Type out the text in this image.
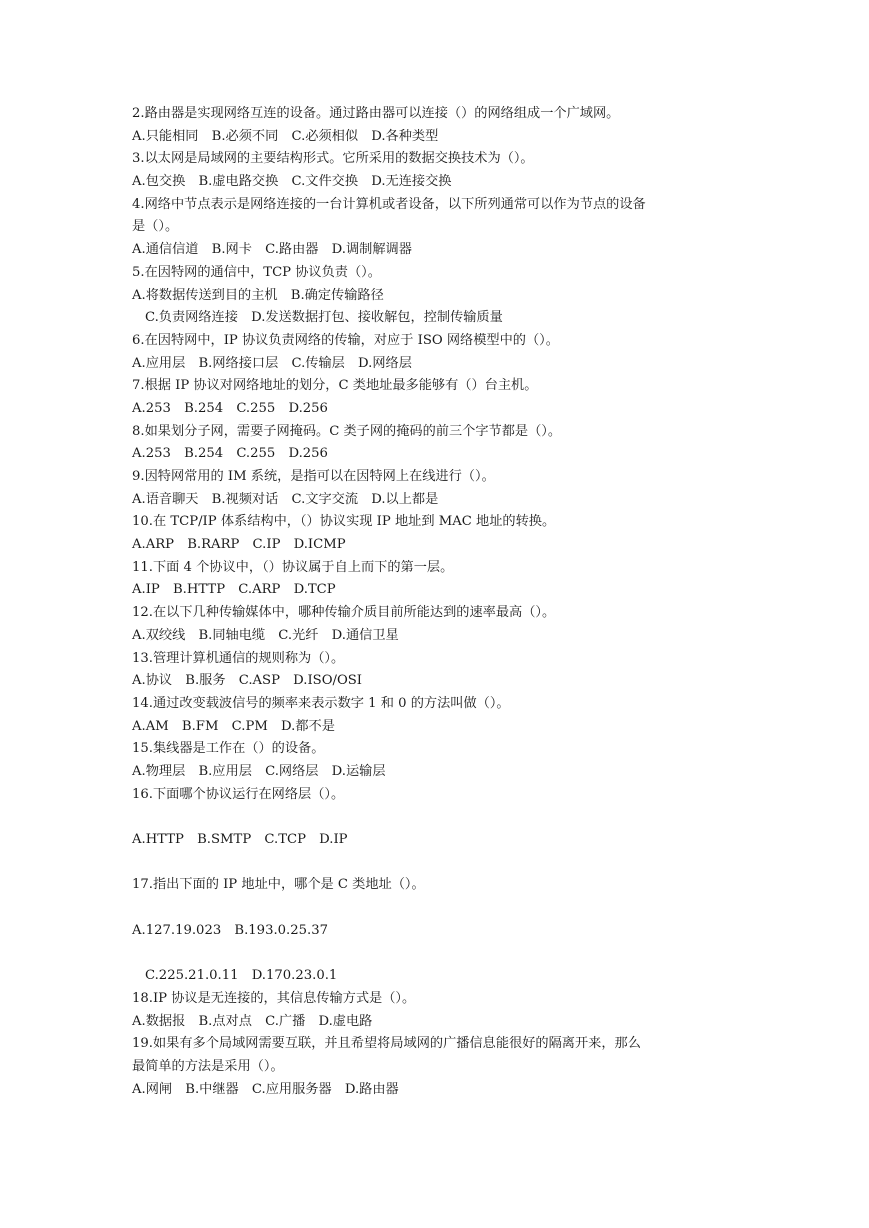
2.路由器是实现网络互连的设备。通过路由器可以连接（）的网络组成一个广域网。
A.只能相同　B.必须不同　C.必须相似　D.各种类型
3.以太网是局域网的主要结构形式。它所采用的数据交换技术为（）。
A.包交换　B.虚电路交换　C.文件交换　D.无连接交换
4.网络中节点表示是网络连接的一台计算机或者设备，以下所列通常可以作为节点的设备
是（）。
A.通信信道　B.网卡　C.路由器　D.调制解调器
5.在因特网的通信中，TCP 协议负责（）。
A.将数据传送到目的主机　B.确定传输路径
C.负责网络连接　D.发送数据打包、接收解包，控制传输质量
6.在因特网中，IP 协议负责网络的传输，对应于 ISO 网络模型中的（）。
A.应用层　B.网络接口层　C.传输层　D.网络层
7.根据 IP 协议对网络地址的划分，C 类地址最多能够有（）台主机。
A.253　B.254　C.255　D.256
8.如果划分子网，需要子网掩码。C 类子网的掩码的前三个字节都是（）。
A.253　B.254　C.255　D.256
9.因特网常用的 IM 系统，是指可以在因特网上在线进行（）。
A.语音聊天　B.视频对话　C.文字交流　D.以上都是
10.在 TCP/IP 体系结构中，（）协议实现 IP 地址到 MAC 地址的转换。
A.ARP　B.RARP　C.IP　D.ICMP
11.下面 4 个协议中，（）协议属于自上而下的第一层。
A.IP　B.HTTP　C.ARP　D.TCP
12.在以下几种传输媒体中，哪种传输介质目前所能达到的速率最高（）。
A.双绞线　B.同轴电缆　C.光纤　D.通信卫星
13.管理计算机通信的规则称为（）。
A.协议　B.服务　C.ASP　D.ISO/OSI
14.通过改变载波信号的频率来表示数字 1 和 0 的方法叫做（）。
A.AM　B.FM　C.PM　D.都不是
15.集线器是工作在（）的设备。
A.物理层　B.应用层　C.网络层　D.运输层
16.下面哪个协议运行在网络层（）。
A.HTTP　B.SMTP　C.TCP　D.IP
17.指出下面的 IP 地址中，哪个是 C 类地址（）。
A.127.19.023　B.193.0.25.37
C.225.21.0.11　D.170.23.0.1
18.IP 协议是无连接的，其信息传输方式是（）。
A.数据报　B.点对点　C.广播　D.虚电路
19.如果有多个局域网需要互联，并且希望将局域网的广播信息能很好的隔离开来，那么
最简单的方法是采用（）。
A.网闸　B.中继器　C.应用服务器　D.路由器
